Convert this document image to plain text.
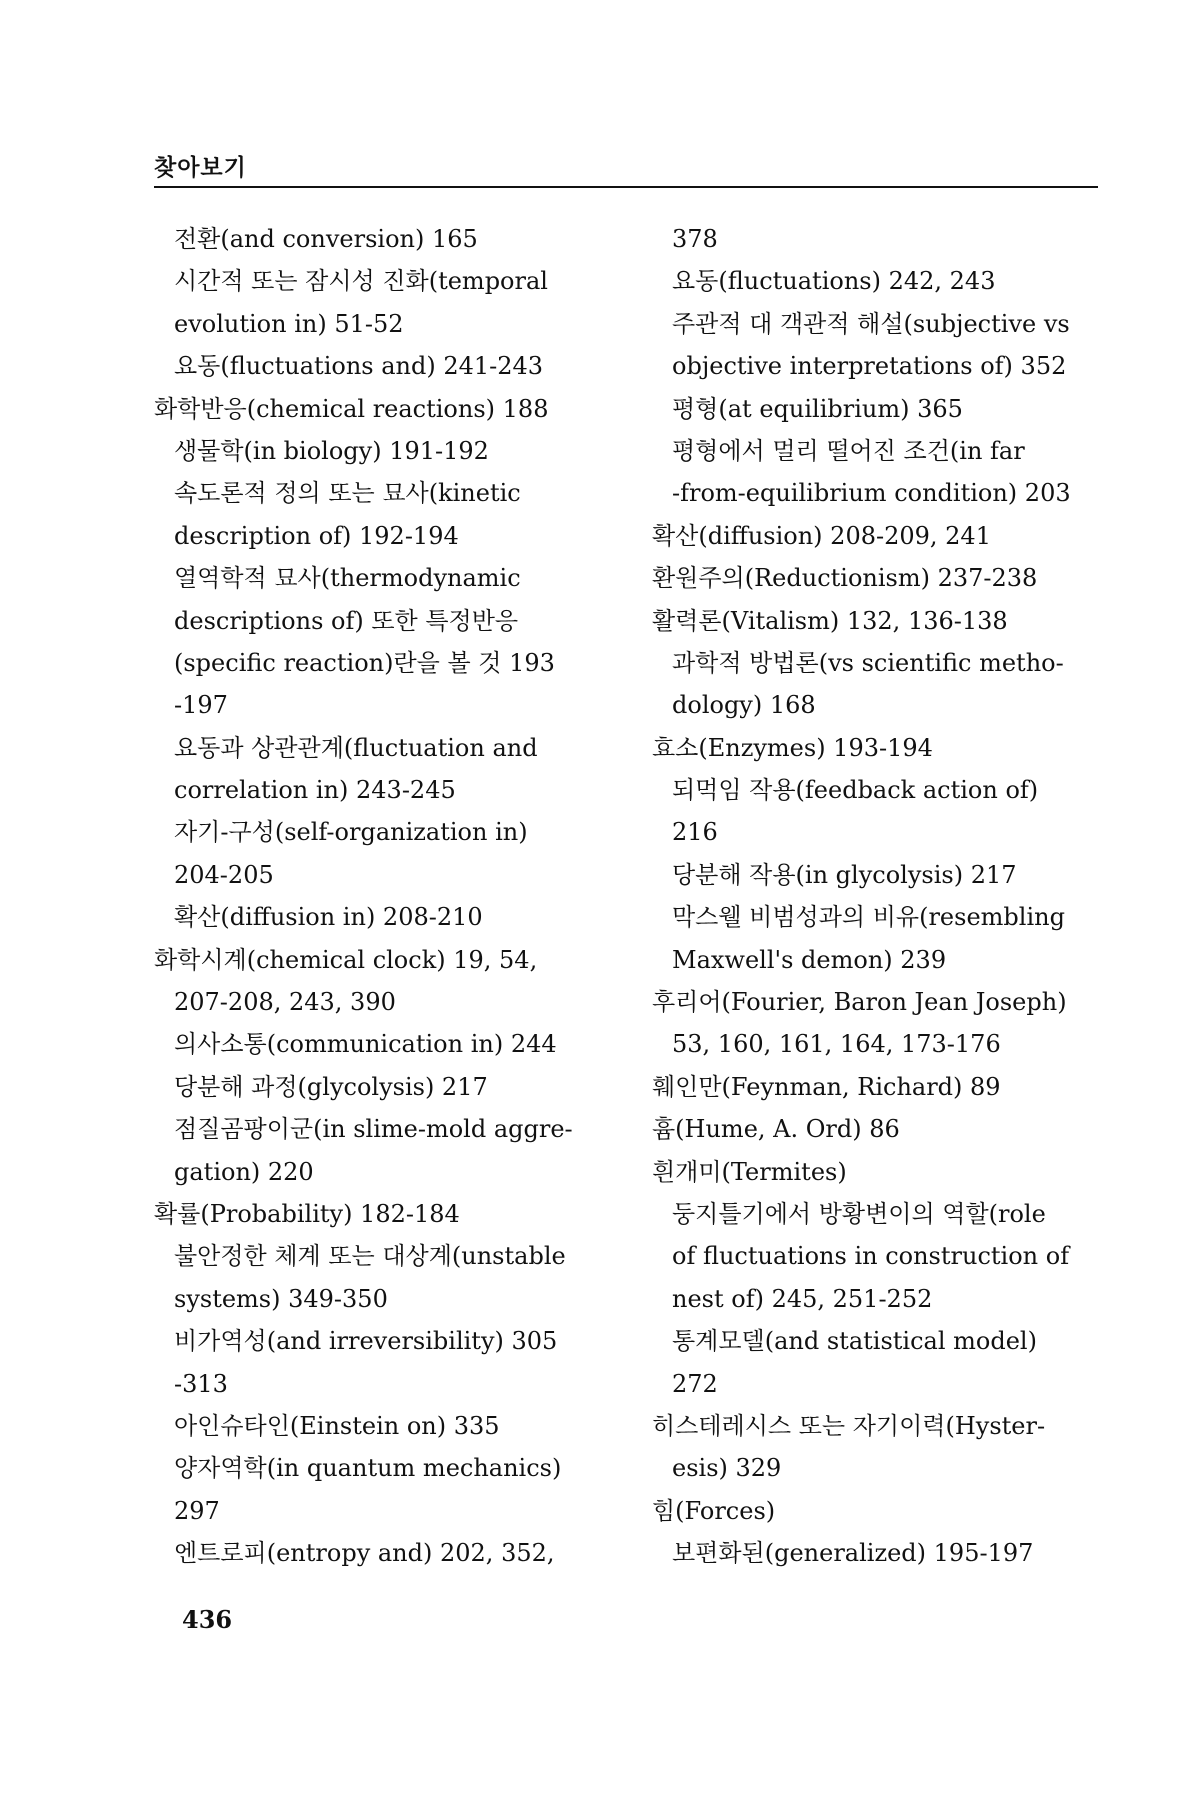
찾아보기
전환(and conversion) 165
시간적 또는 잠시성 진화(temporal
evolution in) 51-52
요동(fluctuations and) 241-243
화학반응(chemical reactions) 188
생물학(in biology) 191-192
속도론적 정의 또는 묘사(kinetic
description of) 192-194
열역학적 묘사(thermodynamic
descriptions of) 또한 특정반응
(specific reaction)란을 볼 것 193
-197
요동과 상관관계(fluctuation and
correlation in) 243-245
자기-구성(self-organization in)
204-205
확산(diffusion in) 208-210
화학시계(chemical clock) 19, 54,
207-208, 243, 390
의사소통(communication in) 244
당분해 과정(glycolysis) 217
점질곰팡이군(in slime-mold aggre-
gation) 220
확률(Probability) 182-184
불안정한 체계 또는 대상계(unstable
systems) 349-350
비가역성(and irreversibility) 305
-313
아인슈타인(Einstein on) 335
양자역학(in quantum mechanics)
297
엔트로피(entropy and) 202, 352,
378
요동(fluctuations) 242, 243
주관적 대 객관적 해설(subjective vs
objective interpretations of) 352
평형(at equilibrium) 365
평형에서 멀리 떨어진 조건(in far
-from-equilibrium condition) 203
확산(diffusion) 208-209, 241
환원주의(Reductionism) 237-238
활력론(Vitalism) 132, 136-138
과학적 방법론(vs scientific metho-
dology) 168
효소(Enzymes) 193-194
되먹임 작용(feedback action of)
216
당분해 작용(in glycolysis) 217
막스웰 비범성과의 비유(resembling
Maxwell's demon) 239
후리어(Fourier, Baron Jean Joseph)
53, 160, 161, 164, 173-176
훼인만(Feynman, Richard) 89
흄(Hume, A. Ord) 86
흰개미(Termites)
둥지틀기에서 방황변이의 역할(role
of fluctuations in construction of
nest of) 245, 251-252
통계모델(and statistical model)
272
히스테레시스 또는 자기이력(Hyster-
esis) 329
힘(Forces)
보편화된(generalized) 195-197
436
